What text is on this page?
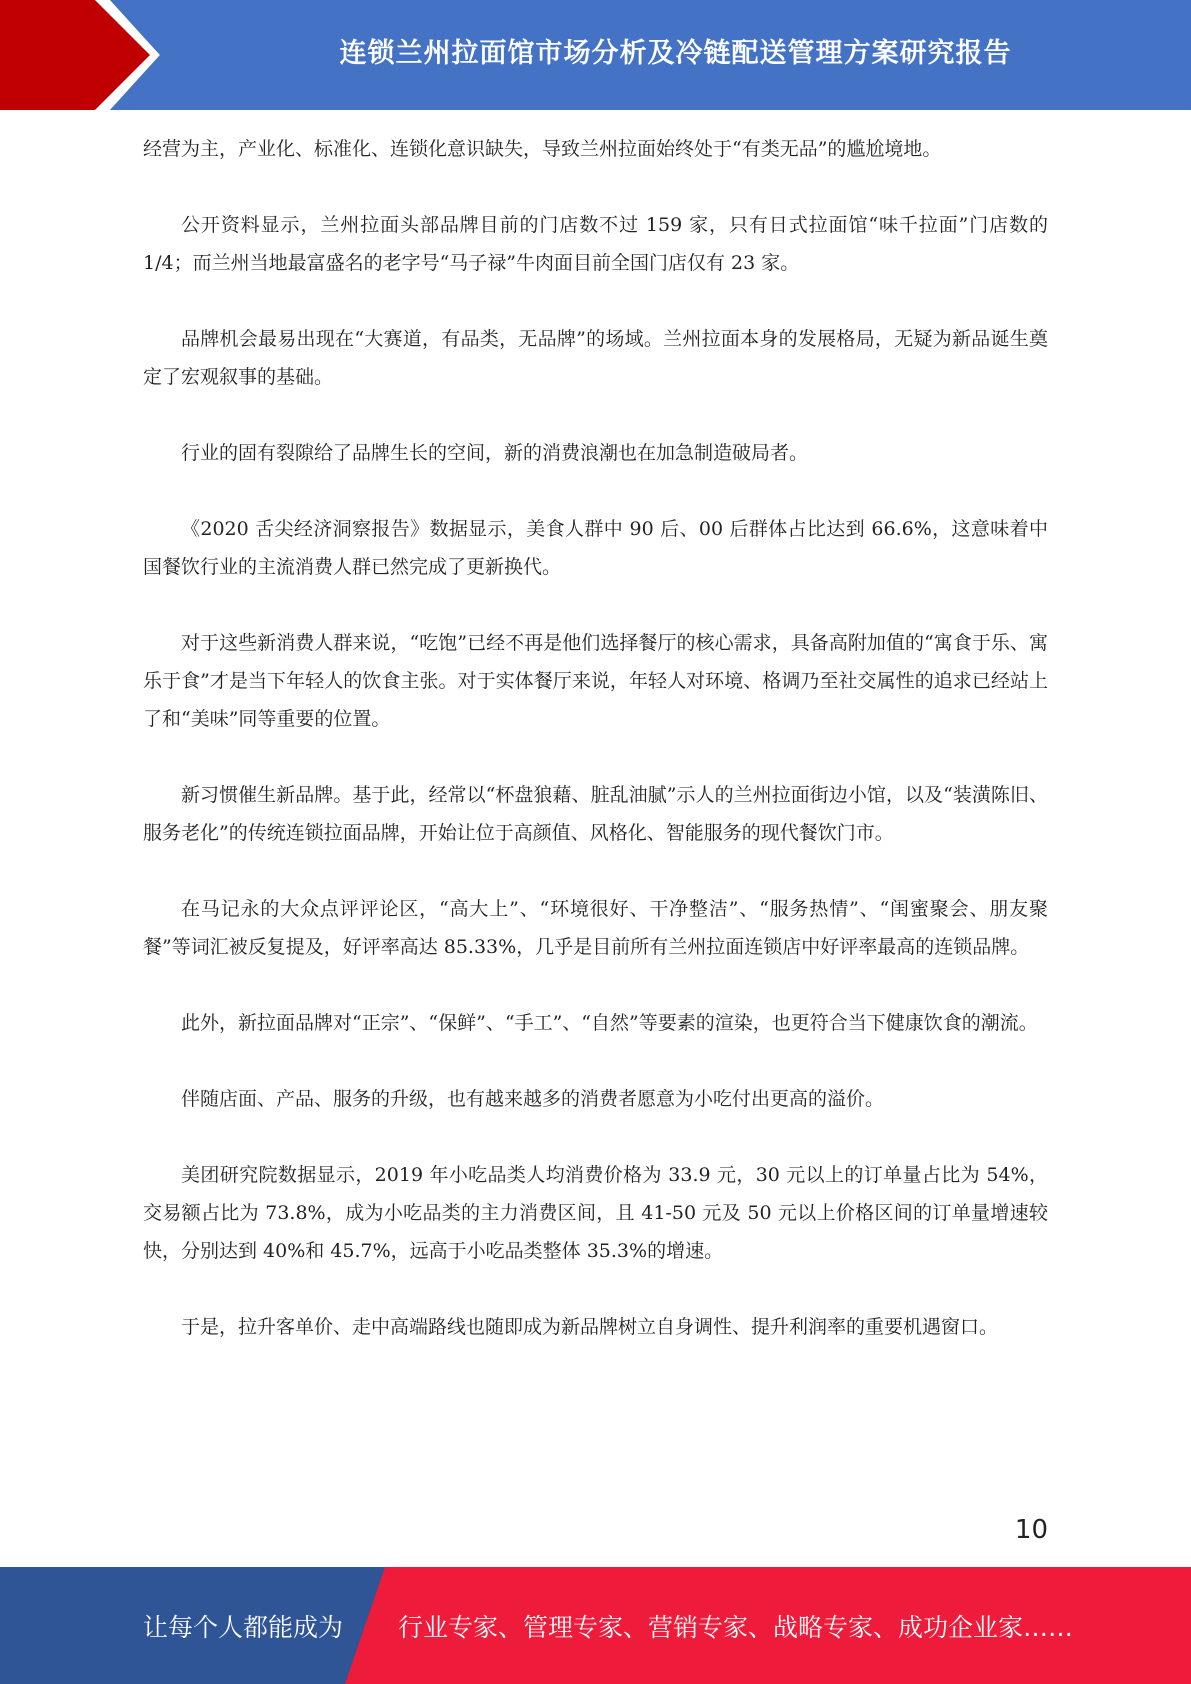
连锁兰州拉面馆市场分析及冷链配送管理方案研究报告

经营为主，产业化、标准化、连锁化意识缺失，导致兰州拉面始终处于“有类无品”的尴尬境地。

公开资料显示，兰州拉面头部品牌目前的门店数不过 159 家，只有日式拉面馆“味千拉面”门店数的 1/4；而兰州当地最富盛名的老字号“马子禄”牛肉面目前全国门店仅有 23 家。

品牌机会最易出现在“大赛道，有品类，无品牌”的场域。兰州拉面本身的发展格局，无疑为新品诞生奠定了宏观叙事的基础。

行业的固有裂隙给了品牌生长的空间，新的消费浪潮也在加急制造破局者。

《2020 舌尖经济洞察报告》数据显示，美食人群中 90 后、00 后群体占比达到 66.6%，这意味着中国餐饮行业的主流消费人群已然完成了更新换代。

对于这些新消费人群来说，“吃饱”已经不再是他们选择餐厅的核心需求，具备高附加值的“寓食于乐、寓乐于食”才是当下年轻人的饮食主张。对于实体餐厅来说，年轻人对环境、格调乃至社交属性的追求已经站上了和“美味”同等重要的位置。

新习惯催生新品牌。基于此，经常以“杯盘狼藉、脏乱油腻”示人的兰州拉面街边小馆，以及“装潢陈旧、服务老化”的传统连锁拉面品牌，开始让位于高颜值、风格化、智能服务的现代餐饮门市。

在马记永的大众点评评论区，“高大上”、“环境很好、干净整洁”、“服务热情”、“闺蜜聚会、朋友聚餐”等词汇被反复提及，好评率高达 85.33%，几乎是目前所有兰州拉面连锁店中好评率最高的连锁品牌。

此外，新拉面品牌对“正宗”、“保鲜”、“手工”、“自然”等要素的渲染，也更符合当下健康饮食的潮流。

伴随店面、产品、服务的升级，也有越来越多的消费者愿意为小吃付出更高的溢价。

美团研究院数据显示，2019 年小吃品类人均消费价格为 33.9 元，30 元以上的订单量占比为 54%，交易额占比为 73.8%，成为小吃品类的主力消费区间，且 41-50 元及 50 元以上价格区间的订单量增速较快，分别达到 40%和 45.7%，远高于小吃品类整体 35.3%的增速。

于是，拉升客单价、走中高端路线也随即成为新品牌树立自身调性、提升利润率的重要机遇窗口。

10
让每个人都能成为 行业专家、管理专家、营销专家、战略专家、成功企业家……
